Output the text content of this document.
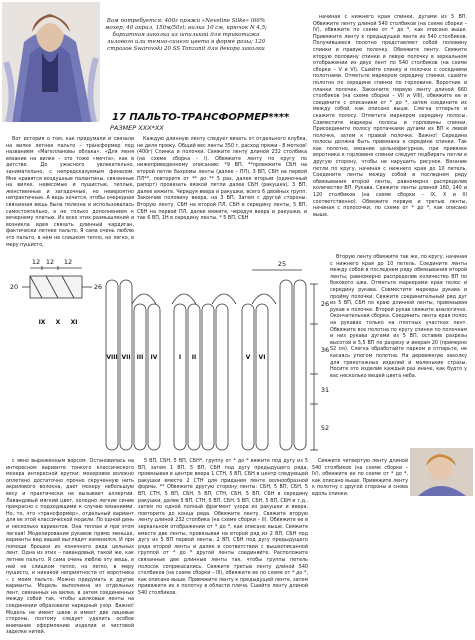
Вам потребуется: 400г пряжи «Neveline Silke» (66% мохер, 40 акрил, 150м/50г); вилка 10 см, крючок N 4,5; бархатная заколка из шпилькой для трикотажа лилового или темно-синего цвета в форме розы; 120 стразов Swarovski 20 SS Tanzanit для декора заколки
17 ПАЛЬТО-ТРАНСФОРМЕР****
РАЗМЕР XXX*XX

Вот история о том, как придумали и связали на вилке летнее пальто – трансформер под названием «Магеллановы облака». «Для меня вязание на вилке – это тоже «мечта», как в детстве. До ужасного увлекательно, занимательно, с непредсказуемым финалом. Мне нравятся воздушные палантины, связанные на вилке, невесомые и пушистые, теплые, женственные и загадочные, но невероятно непрактичные. А ведь хочется, чтобы очередная связанная вещь была полезна и использовалась самостоятельно, а не только дополнением к вечернему платью. Из всех этих размышлений и возникла идея связать длинный кардиган, фактически летнее пальто. Я сама очень люблю это пальто, в нем не слишком тепло, но легко, в меру пушисто,

Каждую длинную ленту следует вязать от отдельного клубка, не деля пряжу. Общий вес ленты 350 г, расход пряжи - 8 мотков! (400г) Спинка и полочки. Свяжите ленту длиной 232 столбика (на схеме сборка - I). Обвяжите ленту по кругу по нижеприведенному описанию: *9 ВП, **провяжите СБН на второй петле бахромы ленты (далее – ПЛ), 3 ВП, СБН на первой ПЛ**, повторите от ** до ** 5 раз, далее вторым (одиночный рапорт) провязать вязкой петли далее СБН (ракушка), 3 ВП, далее вяжите. Черядуя веера и ракушки, всего 6 двойных групп. Закончив половину веера, на 3 ВП, Затем с другой стороны. Вторую ленту, СБН на второй ПЛ, СБН в середину ленты, 5 ВП, СБН на первой ПЛ, далее вяжите, чередуя веера и ракушки, и так 6 ВП, 1Н в середину ленты, * 5 ВП, СБН

начиная с нижнего края спинки, дугами из 5 ВП. Обвяжите ленту длиной 540 столбиков (на схеме сборки – IV), обвяжите по схеме от * до *, как описано выше. Привяжите ленту к предыдущей ленте из 540 столбиков. Получившееся полотно представляет собой половину спинки и правую полочку. Обвяжите ленту. Свяжите вторую половину спинки и левую полочку в зеркальном отображении из двух лент по 540 столбиков (на схеме сборки – V и VI). Сшейте спинку и полочки с соседними полотнами. Отметьте маркером середину спинки, сшейте полотно по середине спинки по горловине. Воротник и планки полочек. Закончите первую ленту длиной 660 столбиков (на схеме сборки – VII и VIII), обвяжите ее и соедините с описанием от * до *, затем соедините их между собой, как описано выше. Слегка отпарьте и скажите полосу. Отметьте маркером середину полосы. Совместите маркеры полосы и горловины спинки. Присоедините полосу протачками дугами из ВП к левой полочке, затем к правой полочке. Важно! Середина полосы должна быть привязана к середине спинки. Так как полотно, вязание цельнофигурное, при привязке воротника к горловине спинки следует подбирать петли в другую сторону, чтобы не нарушить рисунок. Вязание петли по кругу, начиная с нижнего края до 10 петель. Соедините ленты между собой в последнем ряду обвязывания второй ленты, равномерно распределив количество ВП. Рукава. Свяжите ленты длиной 160, 140 и 120 столбиков (на схеме сборки – IX, X и XI соответственно). Обвяжите первую и третью ленты, начиная с полосочки, по схеме от * до *, как описано выше.

Вторую ленту обвяжите так же, по кругу, начиная с нижнего края до 10 петель. Соедините ленты между собой в последнем ряду обвязывания второй ленты, равномерно распределив количество ВП по бокового шва. Отметьте маркерами края полос и середину рукава. Совместите маркеры рукава и пройму полочки. Свяжите соединительный ряд дуг из 5 ВП, СБН по краю длинной ленты, привязывая рукав к полочке. Второй рукав свяжите аналогично. Окончательная сборка. Соединить лента края полос на рукавах только на плотных участках лент. Обвяжите все полотна по кругу спинки по полочкам и низ рукава дугами из 5 ВП, оставив разрезы высотой в 5,5 ВП по разрезу и веерам 20 (примерно 52 см). Слегка обработайте парком и отпарьте, не касаясь утюгом полотна. На деревянную заколку для трикотажных изделий и маленькие стразы. Носите это изделие каждый раз иначе, как будто у вас несколько вещей цвета неба.

12 12 12	25
20	26
26
36
31
52
VIII VII III IV	I II	V VI
IX X XI

с явно выраженным ворсом. Остановилась на интересном варианте тонкого классического мохера интересной крутки: мохеровое волокно оплетено достаточно прочно скрученную нить акрилового волокна, дает мохеру небольшую весу и практически не вызывает аллергии. Лавандовый мягкий цвет, холодно легкие синие прекрасно с подходящими к случаю вязаниями. Но, то, что «трансформер», отдельный вариант для ее этой классической модели. По одной день и несколько вариантов. Она теплая и при этом легкая! Моделирования рукавов прямо меньше, варианты вид вашей выглядит изменился. И при помощи брошки из конечного ряда цельных лент. Одна из этих – лавандовый, такой же, как летнее пальто. Я сама очень люблю эту вещь, в ней не слишком тепло, но легко, в меру пушисто, и никакой неприятности от воротника – с моим пальто. Можно придумать и другие варианты. Модель выполнена из отдельных лент, связанных на вилке, в затем соединенных между собой так, чтобы шелковые ленты на соединении образовали нарядный узор. Важно! Модель не имеет швов и имеет две лицевые стороны, поэтому следует уделить особое внимание оформлению изделия и чистовой заделке нитей.

5 ВП, СБН, 5 ВП, СБН*, группу от * до * вяжите под дугу из 5 ВП, затем 1 ВП, 5 ВП, СБН под дугу предыдущего ряда, провязывая в центре веера 1 СТН, 5 ВП, СБН в центр следующей ракушки вместе 2 СТН для придания ленте волнообразной формы. ** Обвяжите другую сторону ленты: СБН, 5 ВП, СБН, 5 ВП, СТН, 5 ВП, СБН, 5 ВП, СТН, СБН, 5 ВП, СБН в середину ракушки, далее 5 ВП, СТН, 5 ВП, СБН, 5 ВП, СБН, 5 ВП, СБН и т.д., затем по одной полный фрагмент узора из ракушки и веера, повторите до конца ряда. Обвяжите ленту. Свяжите вторую ленту длиной 232 столбика (на схеме сборки – II). Обвяжите ее в зеркальном отображении от * до *, как описано выше. Свяжите вместе две ленты, провязывая на второй ряд из 2 ВП, СБН под дугу из 5 ВП первой ленты, 2 ВП, СБН под дугу предыдущего ряда второй ленты и далее в соответствии с вышеописанной группой от * до * другой ленты соединяйте. Расположите связанные две длинные ленты так, чтобы группы петель полосок соприкасались. Свяжите третью ленту длиной 540 столбиков (на схеме сборки – III), обвяжите ее по схеме от * до *, как описано выше. Привяжите ленту к предыдущей ленте, затем привяжите их к полотну в области плеча. Сшейте ленту длиной 540 столбиков.

Свяжите четвертую ленту длиной 540 столбиков (на схеме сборки – IV), обвяжите ее по схеме от * до *, как описано выше. Привяжите ленту к полотну с другой стороны и снова вдоль спинки.
